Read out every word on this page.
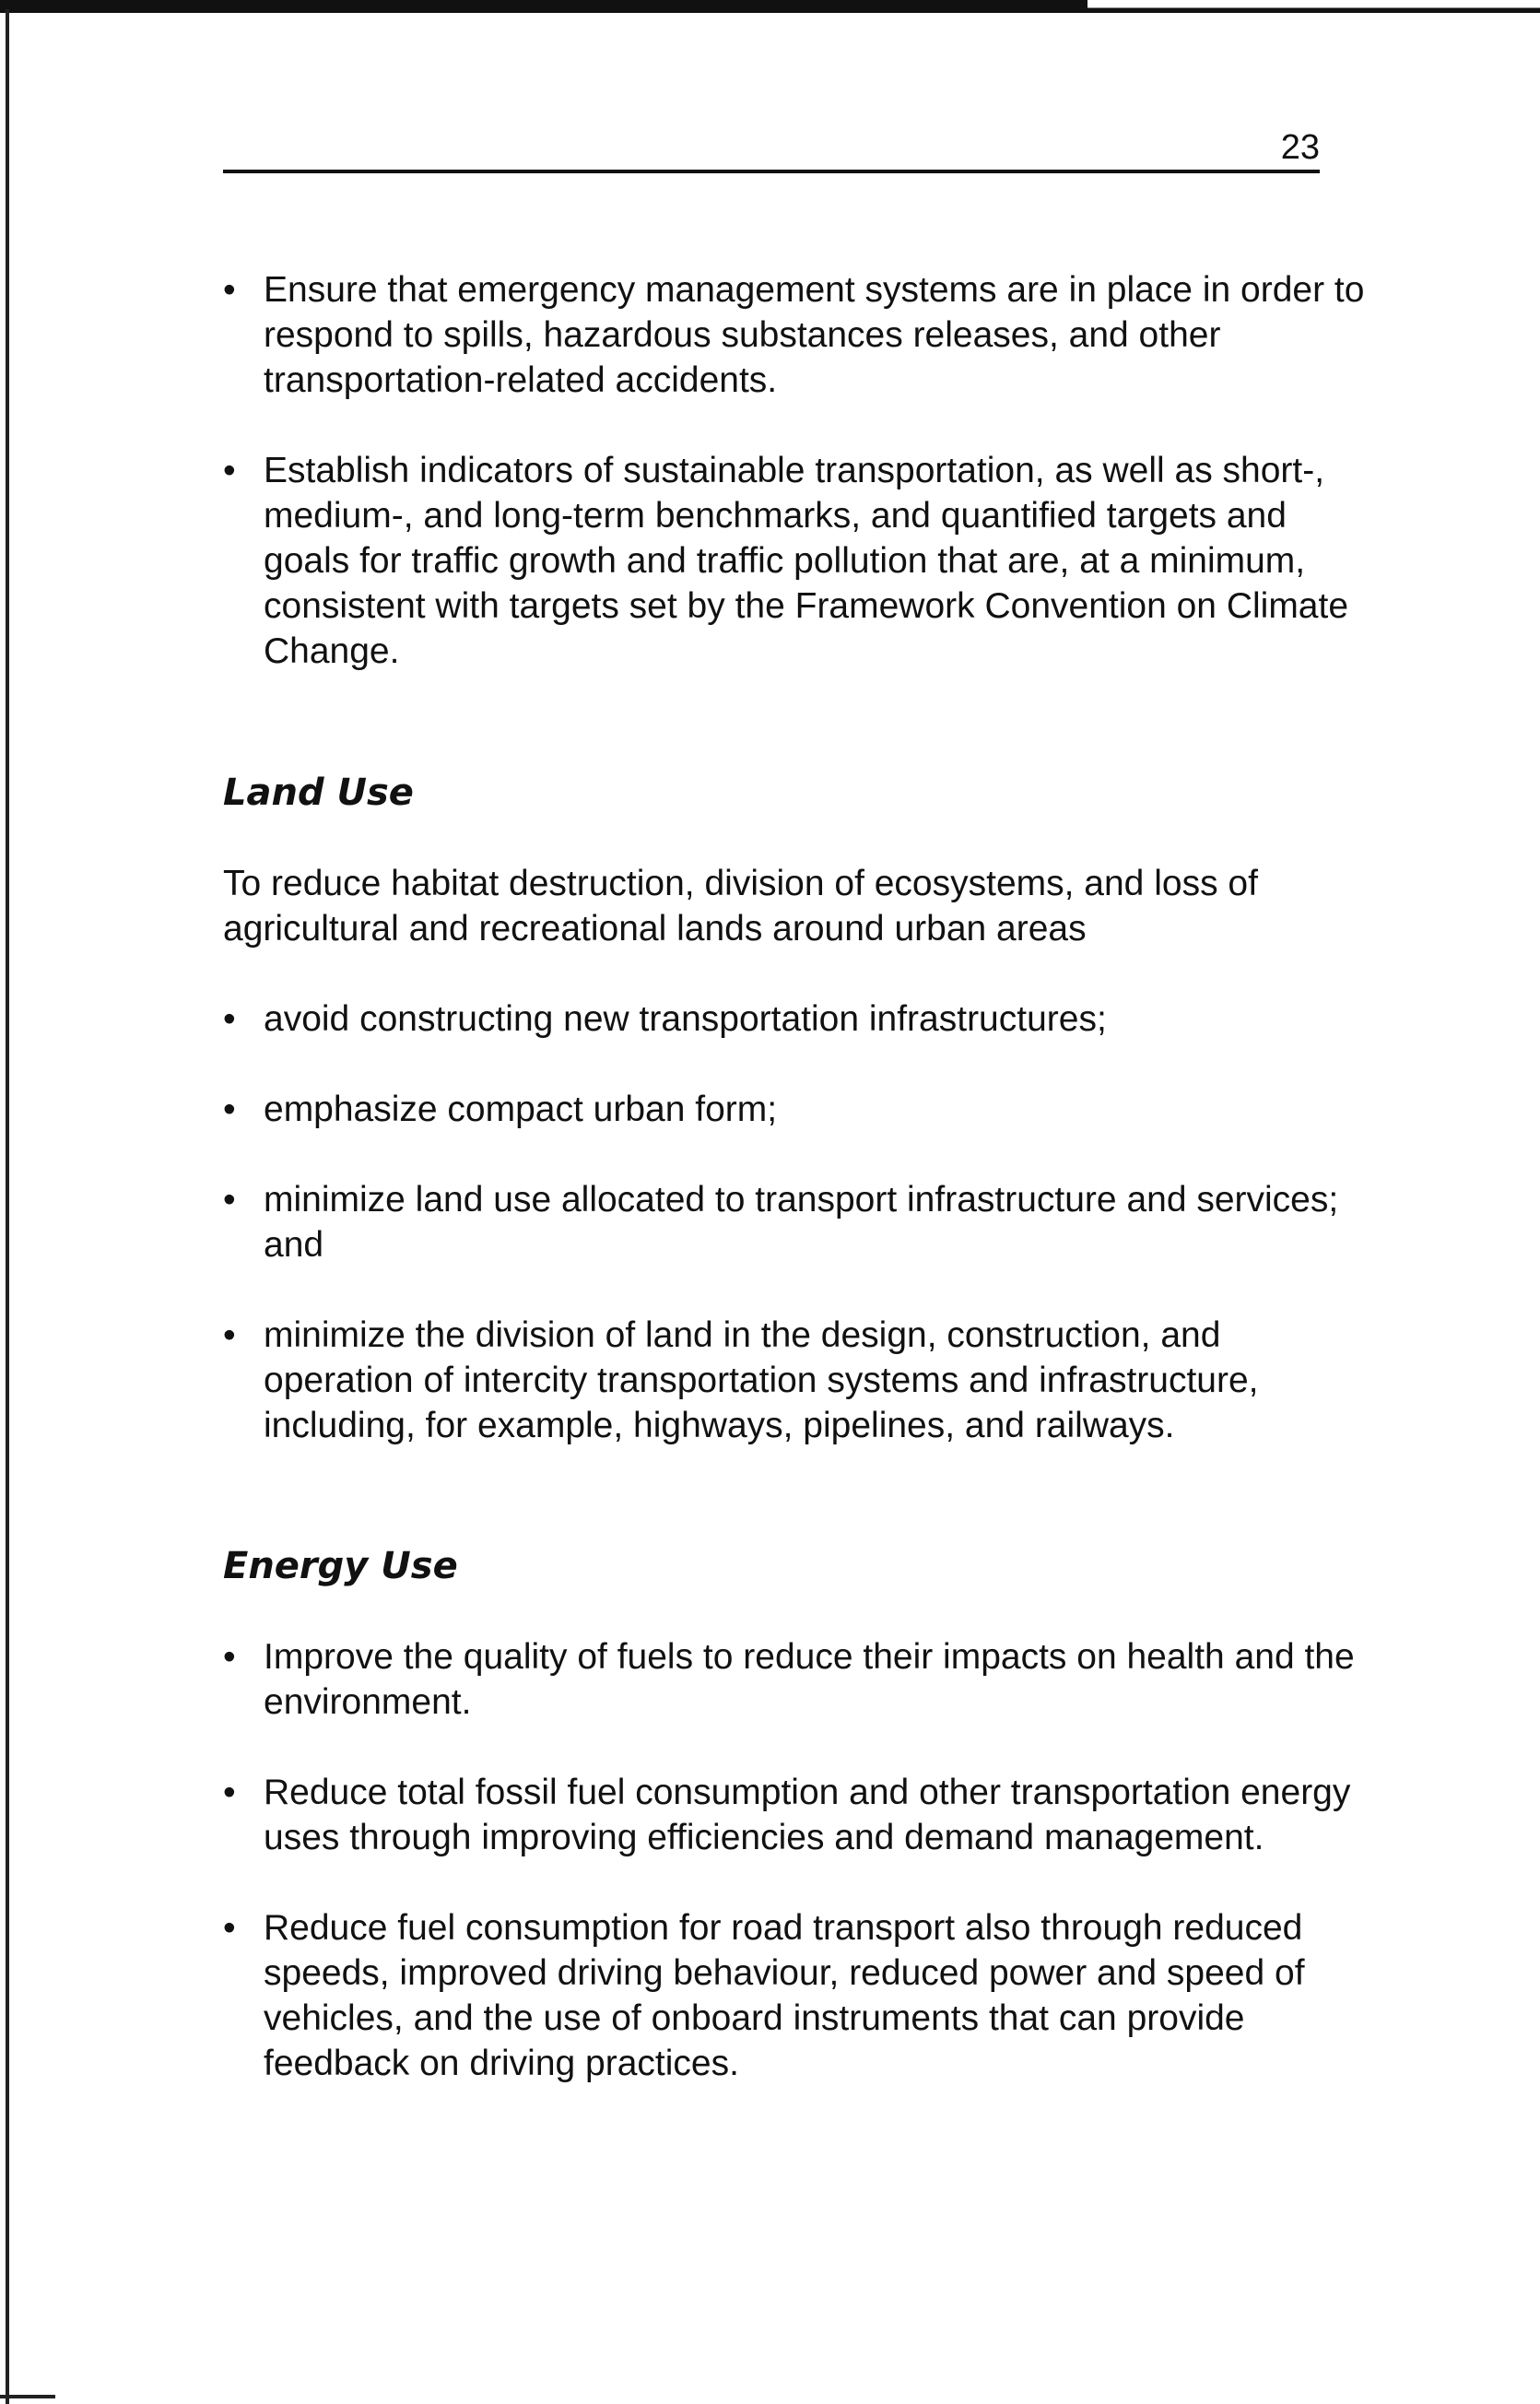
23
• Ensure that emergency management systems are in place in order to respond to spills, hazardous substances releases, and other transportation-related accidents.
• Establish indicators of sustainable transportation, as well as short-, medium-, and long-term benchmarks, and quantified targets and goals for traffic growth and traffic pollution that are, at a minimum, consistent with targets set by the Framework Convention on Climate Change.
Land Use

To reduce habitat destruction, division of ecosystems, and loss of agricultural and recreational lands around urban areas

• avoid constructing new transportation infrastructures;
• emphasize compact urban form;
• minimize land use allocated to transport infrastructure and services; and
• minimize the division of land in the design, construction, and operation of intercity transportation systems and infrastructure, including, for example, highways, pipelines, and railways.
Energy Use
• Improve the quality of fuels to reduce their impacts on health and the environment.
• Reduce total fossil fuel consumption and other transportation energy uses through improving efficiencies and demand management.
• Reduce fuel consumption for road transport also through reduced speeds, improved driving behaviour, reduced power and speed of vehicles, and the use of onboard instruments that can provide feedback on driving practices.
